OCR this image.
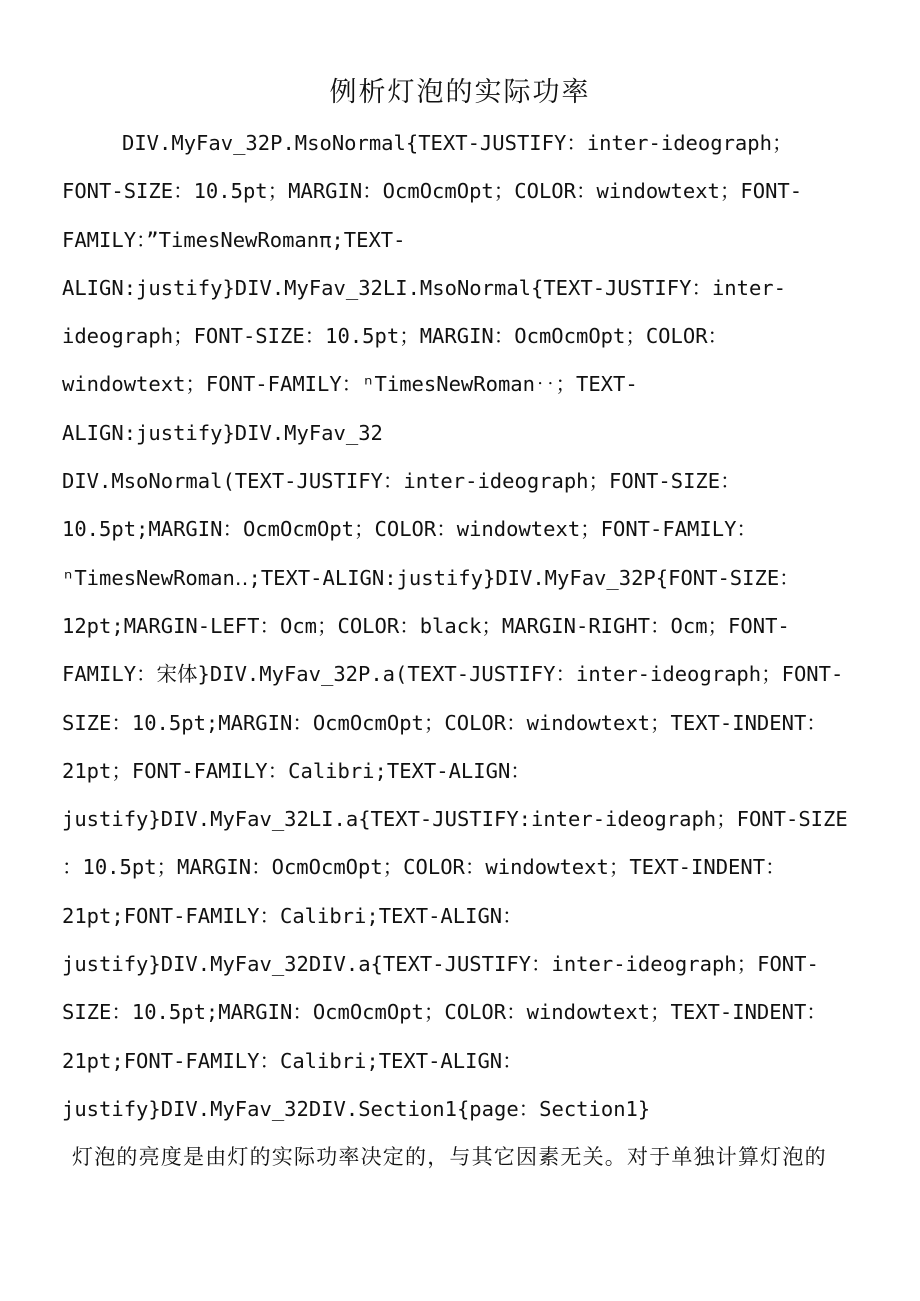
例析灯泡的实际功率
DIV.MyFav_32P.MsoNormal{TEXT-JUSTIFY：inter-ideograph；
FONT-SIZE：10.5pt；MARGIN：OcmOcmOpt；COLOR：windowtext；FONT-
FAMILY：”TimesNewRomanπ;TEXT-
ALIGN:justify}DIV.MyFav_32LI.MsoNormal{TEXT-JUSTIFY：inter-
ideograph；FONT-SIZE：10.5pt；MARGIN：OcmOcmOpt；COLOR：
windowtext；FONT-FAMILY：ⁿTimesNewRoman‥；TEXT-
ALIGN:justify}DIV.MyFav_32
DIV.MsoNormal(TEXT-JUSTIFY：inter-ideograph；FONT-SIZE：
10.5pt;MARGIN：OcmOcmOpt；COLOR：windowtext；FONT-FAMILY：
ⁿTimesNewRoman‥;TEXT-ALIGN:justify}DIV.MyFav_32P{FONT-SIZE：
12pt;MARGIN-LEFT：Ocm；COLOR：black；MARGIN-RIGHT：Ocm；FONT-
FAMILY：宋体}DIV.MyFav_32P.a(TEXT-JUSTIFY：inter-ideograph；FONT-
SIZE：10.5pt;MARGIN：OcmOcmOpt；COLOR：windowtext；TEXT-INDENT：
21pt；FONT-FAMILY：Calibri;TEXT-ALIGN：
justify}DIV.MyFav_32LI.a{TEXT-JUSTIFY:inter-ideograph；FONT-SIZE
：10.5pt；MARGIN：OcmOcmOpt；COLOR：windowtext；TEXT-INDENT：
21pt;FONT-FAMILY：Calibri;TEXT-ALIGN：
justify}DIV.MyFav_32DIV.a{TEXT-JUSTIFY：inter-ideograph；FONT-
SIZE：10.5pt;MARGIN：OcmOcmOpt；COLOR：windowtext；TEXT-INDENT：
21pt;FONT-FAMILY：Calibri;TEXT-ALIGN：
justify}DIV.MyFav_32DIV.Section1{page：Section1}
灯泡的亮度是由灯的实际功率决定的，与其它因素无关。对于单独计算灯泡的
